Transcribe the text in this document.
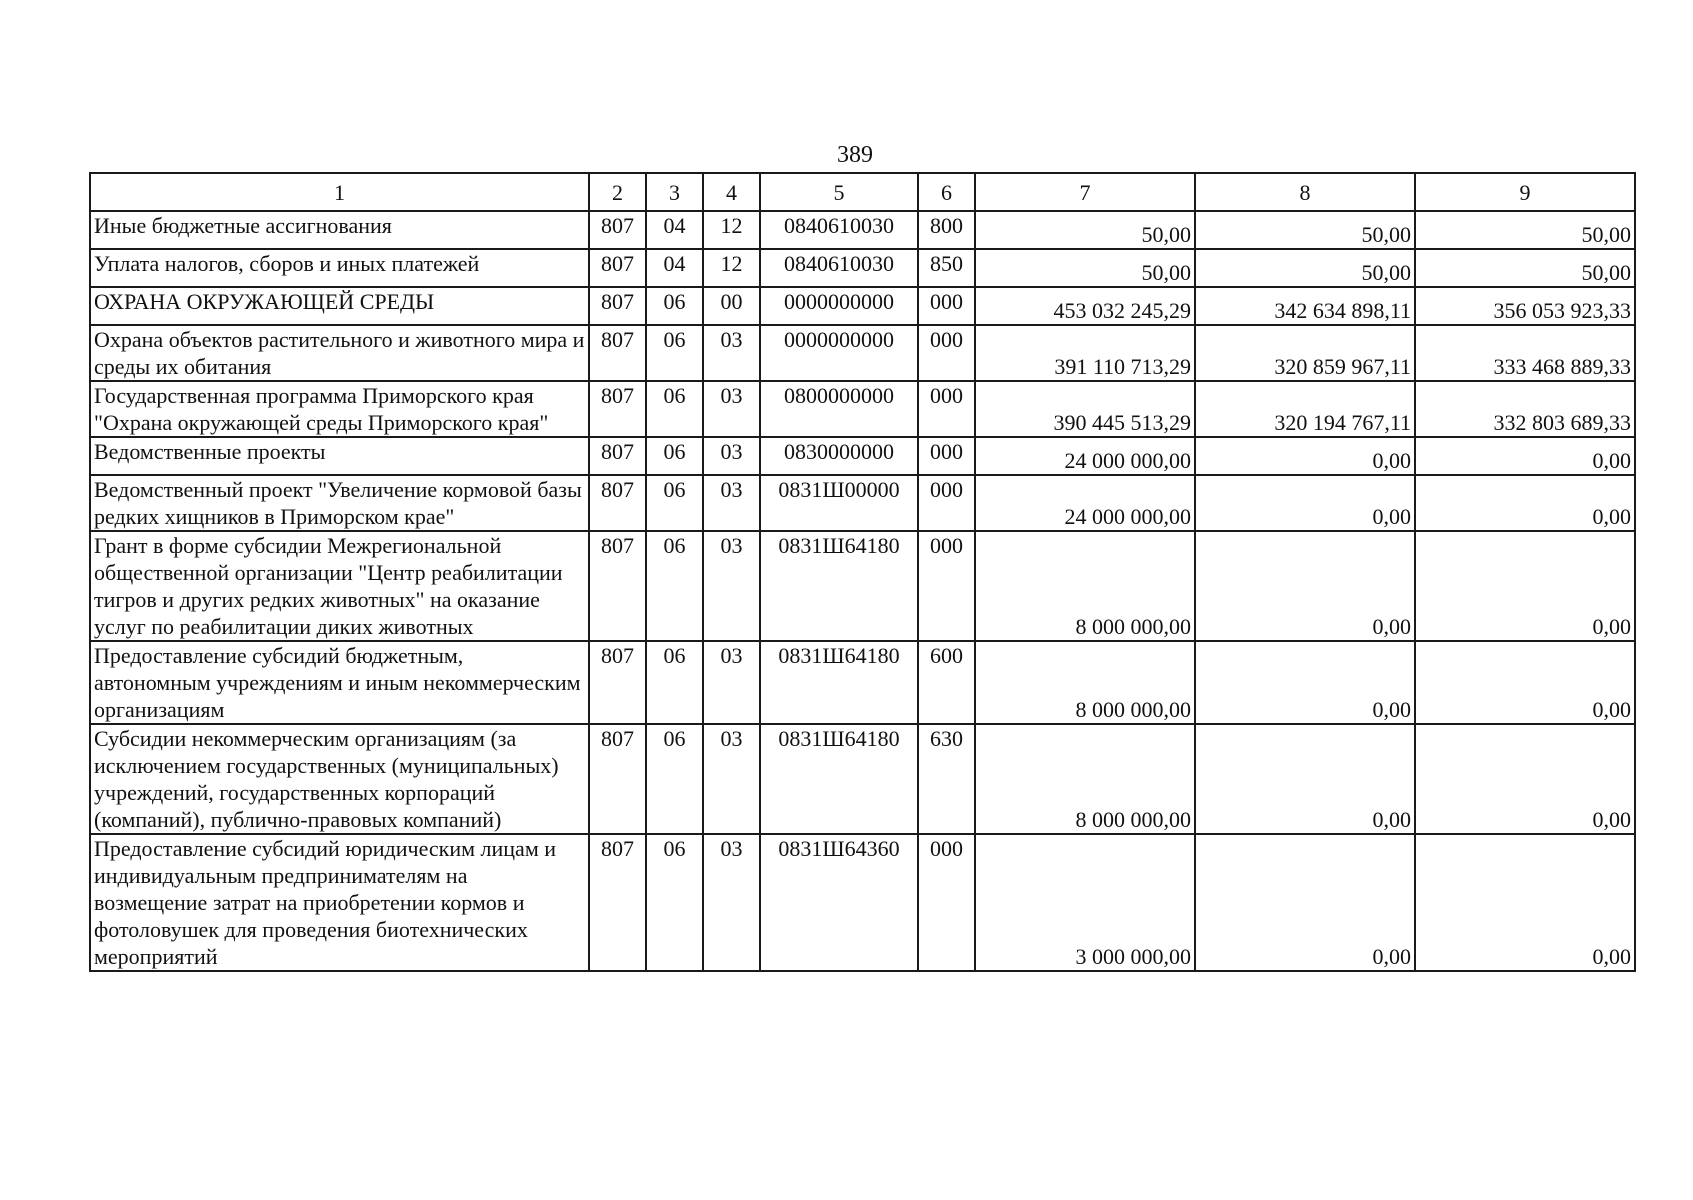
389
1	2	3	4	5	6	7	8	9
Иные бюджетные ассигнования	807	04	12	0840610030	800	50,00	50,00	50,00
Уплата налогов, сборов и иных платежей	807	04	12	0840610030	850	50,00	50,00	50,00
ОХРАНА ОКРУЖАЮЩЕЙ СРЕДЫ	807	06	00	0000000000	000	453 032 245,29	342 634 898,11	356 053 923,33
Охрана объектов растительного и животного мира и среды их обитания	807	06	03	0000000000	000	391 110 713,29	320 859 967,11	333 468 889,33
Государственная программа Приморского края "Охрана окружающей среды Приморского края"	807	06	03	0800000000	000	390 445 513,29	320 194 767,11	332 803 689,33
Ведомственные проекты	807	06	03	0830000000	000	24 000 000,00	0,00	0,00
Ведомственный проект "Увеличение кормовой базы редких хищников в Приморском крае"	807	06	03	0831Ш00000	000	24 000 000,00	0,00	0,00
Грант в форме субсидии Межрегиональной общественной организации "Центр реабилитации тигров и других редких животных" на оказание услуг по реабилитации диких животных	807	06	03	0831Ш64180	000	8 000 000,00	0,00	0,00
Предоставление субсидий бюджетным, автономным учреждениям и иным некоммерческим организациям	807	06	03	0831Ш64180	600	8 000 000,00	0,00	0,00
Субсидии некоммерческим организациям (за исключением государственных (муниципальных) учреждений, государственных корпораций (компаний), публично-правовых компаний)	807	06	03	0831Ш64180	630	8 000 000,00	0,00	0,00
Предоставление субсидий юридическим лицам и индивидуальным предпринимателям на возмещение затрат на приобретении кормов и фотоловушек для проведения биотехнических мероприятий	807	06	03	0831Ш64360	000	3 000 000,00	0,00	0,00
